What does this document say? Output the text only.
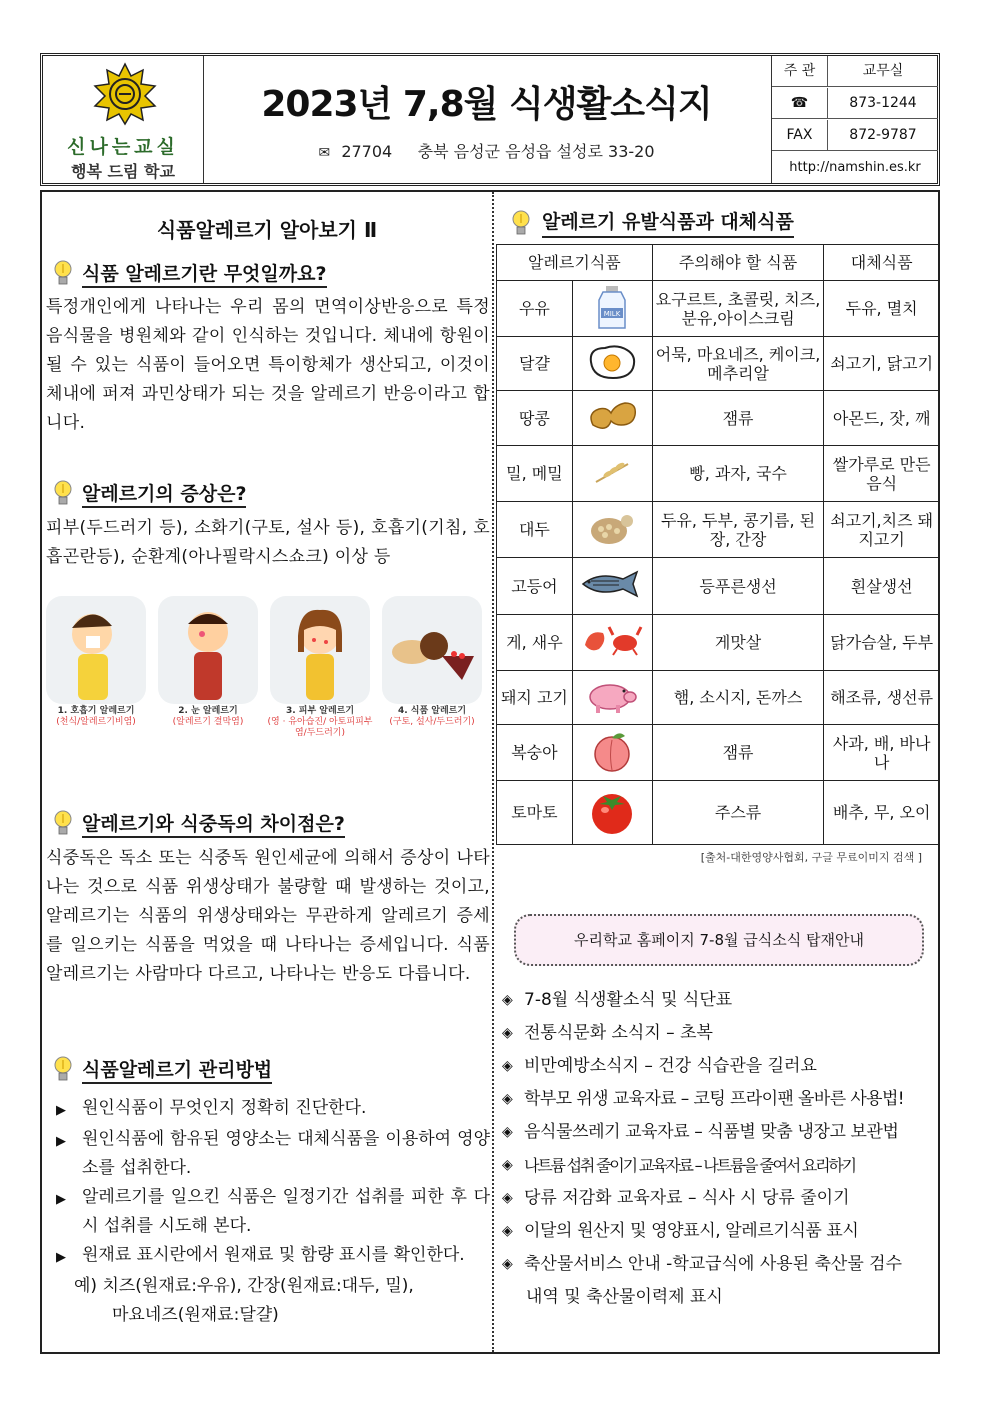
신나는교실
행복 드림 학교
2023년 7,8월 식생활소식지
✉ 27704 충북 음성군 음성읍 설성로 33-20
주 관	교무실
☎	873-1244
FAX	872-9787
http://namshin.es.kr
식품알레르기 알아보기 Ⅱ
식품 알레르기란 무엇일까요?
특정개인에게 나타나는 우리 몸의 면역이상반응으로 특정음식물을 병원체와 같이 인식하는 것입니다. 체내에 항원이 될 수 있는 식품이 들어오면 특이항체가 생산되고, 이것이 체내에 퍼져 과민상태가 되는 것을 알레르기 반응이라고 합니다.
알레르기의 증상은?
피부(두드러기 등), 소화기(구토, 설사 등), 호흡기(기침, 호흡곤란등), 순환계(아나필락시스쇼크) 이상 등
1. 호흡기 알레르기
(천식/알레르기비염)
2. 눈 알레르기
(알레르기 결막염)
3. 피부 알레르기
(영 · 유아습진/ 아토피피부염/두드러기)
4. 식품 알레르기
(구토, 설사/두드러기)
알레르기와 식중독의 차이점은?
식중독은 독소 또는 식중독 원인세균에 의해서 증상이 나타나는 것으로 식품 위생상태가 불량할 때 발생하는 것이고, 알레르기는 식품의 위생상태와는 무관하게 알레르기 증세를 일으키는 식품을 먹었을 때 나타나는 증세입니다. 식품 알레르기는 사람마다 다르고, 나타나는 반응도 다릅니다.
식품알레르기 관리방법
▶ 원인식품이 무엇인지 정확히 진단한다.
▶ 원인식품에 함유된 영양소는 대체식품을 이용하여 영양소를 섭취한다.
▶ 알레르기를 일으킨 식품은 일정기간 섭취를 피한 후 다시 섭취를 시도해 본다.
▶ 원재료 표시란에서 원재료 및 함량 표시를 확인한다.
예) 치즈(원재료:우유), 간장(원재료:대두, 밀),
마요네즈(원재료:달걀)
알레르기 유발식품과 대체식품
알레르기식품		주의해야 할 식품	대체식품
우유	MILK	요구르트, 초콜릿, 치즈,분유,아이스크림	두유, 멸치
달걀		어묵, 마요네즈, 케이크, 메추리알	쇠고기, 닭고기
땅콩		잼류	아몬드, 잣, 깨
밀, 메밀		빵, 과자, 국수	쌀가루로 만든 음식
대두		두유, 두부, 콩기름, 된장, 간장	쇠고기,치즈 돼지고기
고등어		등푸른생선	흰살생선
게, 새우		게맛살	닭가슴살, 두부
돼지 고기		햄, 소시지, 돈까스	해조류, 생선류
복숭아		잼류	사과, 배, 바나나
토마토		주스류	배추, 무, 오이
[출처-대한영양사협회, 구글 무료이미지 검색 ]
우리학교 홈페이지 7-8월 급식소식 탑재안내
◈ 7-8월 식생활소식 및 식단표
◈ 전통식문화 소식지 – 초복
◈ 비만예방소식지 – 건강 식습관을 길러요
◈ 학부모 위생 교육자료 – 코팅 프라이팬 올바른 사용법!
◈ 음식물쓰레기 교육자료 – 식품별 맞춤 냉장고 보관법
◈ 나트륨 섭취 줄이기 교육자료 – 나트륨을 줄여서 요리하기
◈ 당류 저감화 교육자료 – 식사 시 당류 줄이기
◈ 이달의 원산지 및 영양표시, 알레르기식품 표시
◈ 축산물서비스 안내 -학교급식에 사용된 축산물 검수
내역 및 축산물이력제 표시
